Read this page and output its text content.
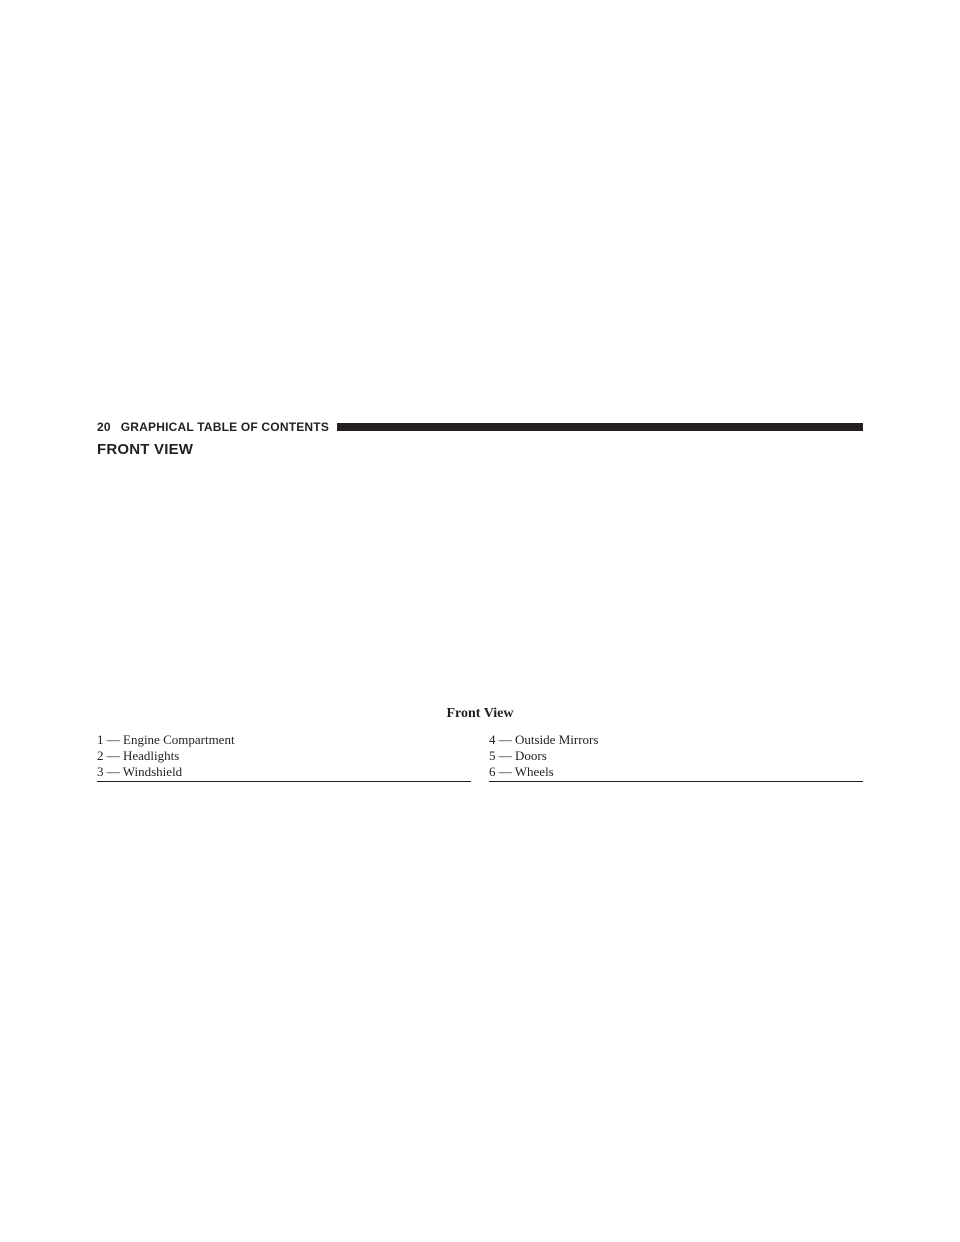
20 GRAPHICAL TABLE OF CONTENTS
FRONT VIEW
Front View
1 — Engine Compartment
2 — Headlights
3 — Windshield
4 — Outside Mirrors
5 — Doors
6 — Wheels
